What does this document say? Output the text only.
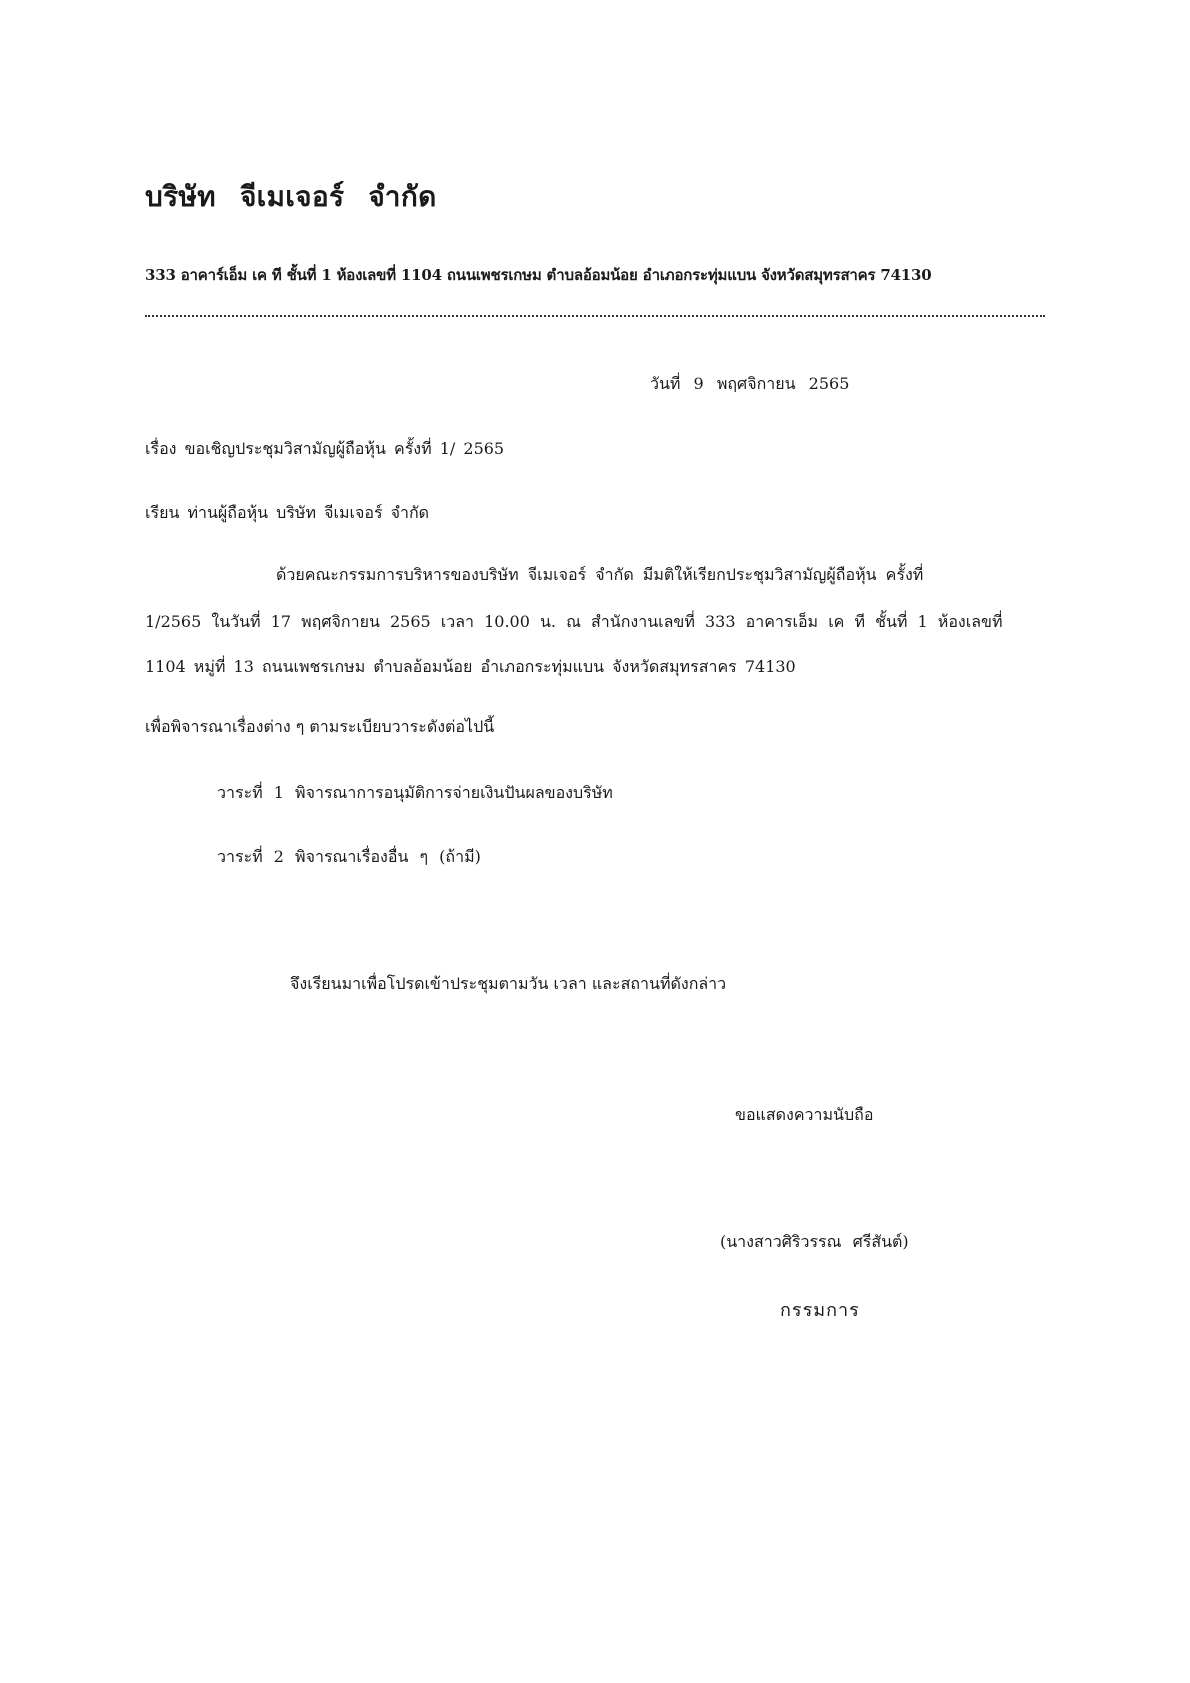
บริษัท จีเมเจอร์ จำกัด
333 อาคาร์เอ็ม เค ที ชั้นที่ 1 ห้องเลขที่ 1104 ถนนเพชรเกษม ตำบลอ้อมน้อย อำเภอกระทุ่มแบน จังหวัดสมุทรสาคร 74130
วันที่ 9 พฤศจิกายน 2565
เรื่อง ขอเชิญประชุมวิสามัญผู้ถือหุ้น ครั้งที่ 1/ 2565
เรียน ท่านผู้ถือหุ้น บริษัท จีเมเจอร์ จำกัด
ด้วยคณะกรรมการบริหารของบริษัท จีเมเจอร์ จำกัด มีมติให้เรียกประชุมวิสามัญผู้ถือหุ้น ครั้งที่
1/2565 ในวันที่ 17 พฤศจิกายน 2565 เวลา 10.00 น. ณ สำนักงานเลขที่ 333 อาคารเอ็ม เค ที ชั้นที่ 1 ห้องเลขที่
1104 หมู่ที่ 13 ถนนเพชรเกษม ตำบลอ้อมน้อย อำเภอกระทุ่มแบน จังหวัดสมุทรสาคร 74130
เพื่อพิจารณาเรื่องต่าง ๆ ตามระเบียบวาระดังต่อไปนี้
วาระที่ 1 พิจารณาการอนุมัติการจ่ายเงินปันผลของบริษัท
วาระที่ 2 พิจารณาเรื่องอื่น ๆ (ถ้ามี)
จึงเรียนมาเพื่อโปรดเข้าประชุมตามวัน เวลา และสถานที่ดังกล่าว
ขอแสดงความนับถือ
(นางสาวศิริวรรณ ศรีสันต์)
กรรมการ
